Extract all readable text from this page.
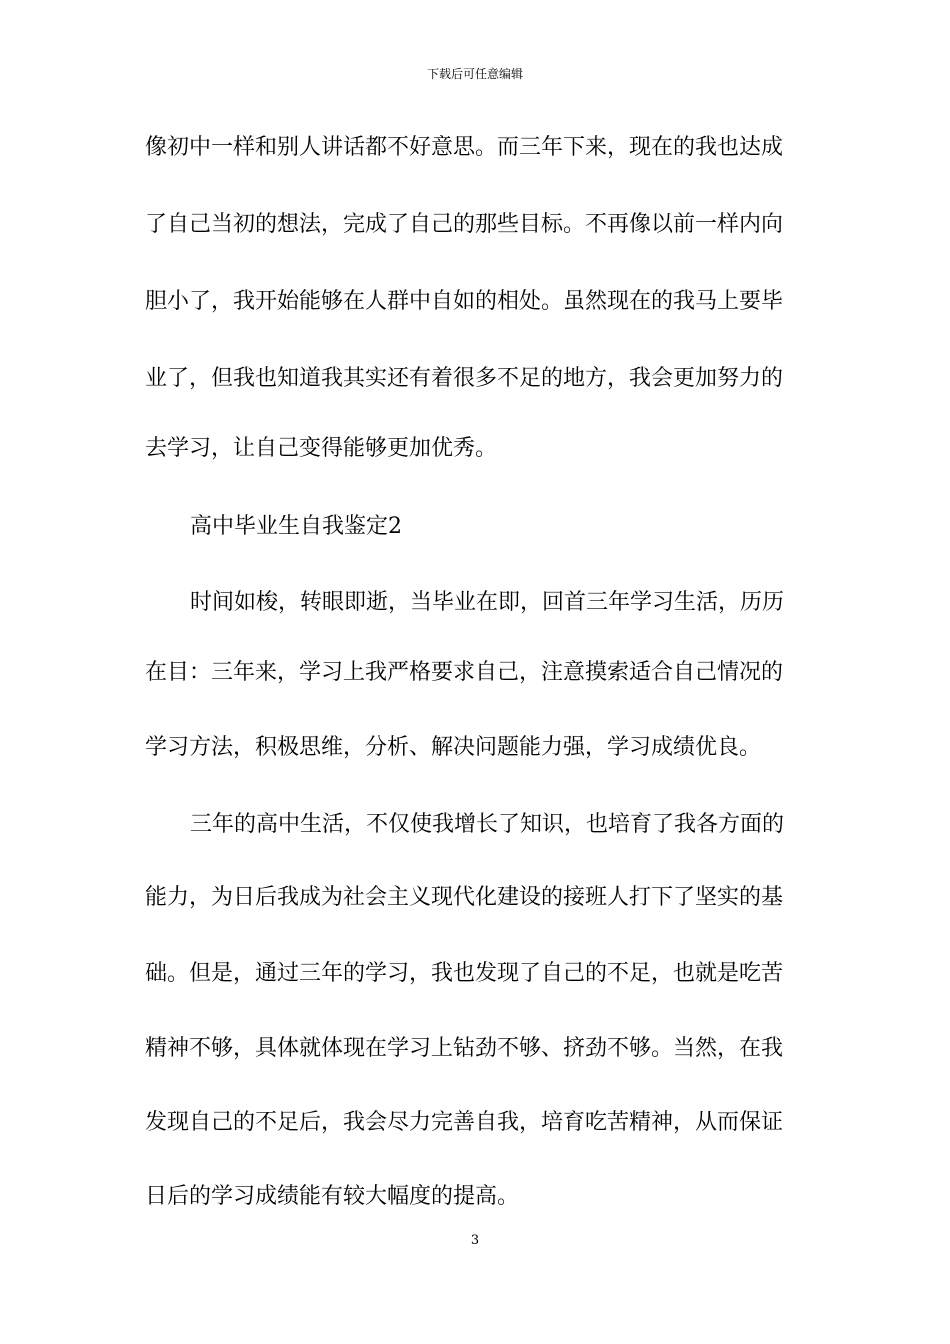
下载后可任意编辑
像初中一样和别人讲话都不好意思。而三年下来，现在的我也达成
了自己当初的想法，完成了自己的那些目标。不再像以前一样内向
胆小了，我开始能够在人群中自如的相处。虽然现在的我马上要毕
业了，但我也知道我其实还有着很多不足的地方，我会更加努力的
去学习，让自己变得能够更加优秀。
高中毕业生自我鉴定2
时间如梭，转眼即逝，当毕业在即，回首三年学习生活，历历
在目：三年来，学习上我严格要求自己，注意摸索适合自己情况的
学习方法，积极思维，分析、解决问题能力强，学习成绩优良。
三年的高中生活，不仅使我增长了知识，也培育了我各方面的
能力，为日后我成为社会主义现代化建设的接班人打下了坚实的基
础。但是，通过三年的学习，我也发现了自己的不足，也就是吃苦
精神不够，具体就体现在学习上钻劲不够、挤劲不够。当然，在我
发现自己的不足后，我会尽力完善自我，培育吃苦精神，从而保证
日后的学习成绩能有较大幅度的提高。
3
